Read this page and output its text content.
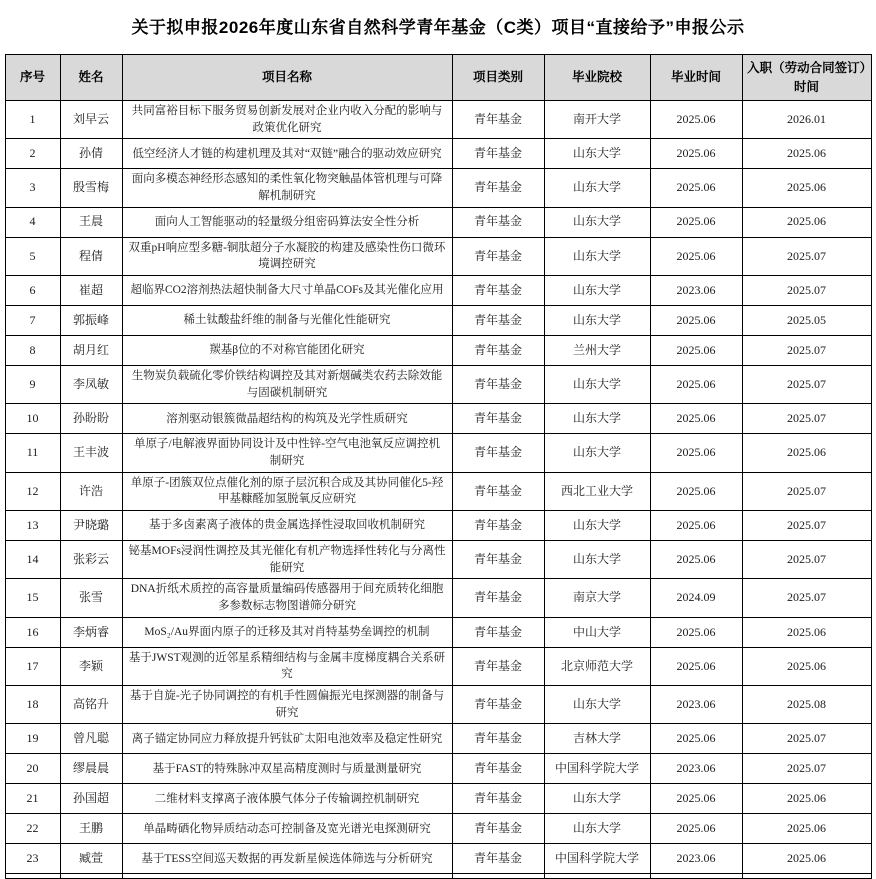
关于拟申报2026年度山东省自然科学青年基金（C类）项目“直接给予”申报公示
序号	姓名	项目名称	项目类别	毕业院校	毕业时间	入职（劳动合同签订）时间
1	刘早云	共同富裕目标下服务贸易创新发展对企业内收入分配的影响与政策优化研究	青年基金	南开大学	2025.06	2026.01
2	孙倩	低空经济人才链的构建机理及其对“双链”融合的驱动效应研究	青年基金	山东大学	2025.06	2025.06
3	殷雪梅	面向多模态神经形态感知的柔性氧化物突触晶体管机理与可降解机制研究	青年基金	山东大学	2025.06	2025.06
4	王晨	面向人工智能驱动的轻量级分组密码算法安全性分析	青年基金	山东大学	2025.06	2025.06
5	程倩	双重pH响应型多糖-铜肽超分子水凝胶的构建及感染性伤口微环境调控研究	青年基金	山东大学	2025.06	2025.07
6	崔超	超临界CO2溶剂热法超快制备大尺寸单晶COFs及其光催化应用	青年基金	山东大学	2023.06	2025.07
7	郭振峰	稀土钛酸盐纤维的制备与光催化性能研究	青年基金	山东大学	2025.06	2025.05
8	胡月红	羰基β位的不对称官能团化研究	青年基金	兰州大学	2025.06	2025.07
9	李凤敏	生物炭负载硫化零价铁结构调控及其对新烟碱类农药去除效能与固碳机制研究	青年基金	山东大学	2025.06	2025.07
10	孙盼盼	溶剂驱动银簇微晶超结构的构筑及光学性质研究	青年基金	山东大学	2025.06	2025.07
11	王丰波	单原子/电解液界面协同设计及中性锌-空气电池氧反应调控机制研究	青年基金	山东大学	2025.06	2025.06
12	许浩	单原子-团簇双位点催化剂的原子层沉积合成及其协同催化5-羟甲基糠醛加氢脱氧反应研究	青年基金	西北工业大学	2025.06	2025.07
13	尹晓璐	基于多卤素离子液体的贵金属选择性浸取回收机制研究	青年基金	山东大学	2025.06	2025.07
14	张彩云	铋基MOFs浸润性调控及其光催化有机产物选择性转化与分离性能研究	青年基金	山东大学	2025.06	2025.07
15	张雪	DNA折纸术质控的高容量质量编码传感器用于间充质转化细胞多参数标志物图谱筛分研究	青年基金	南京大学	2024.09	2025.07
16	李炳睿	MoS₂/Au界面内原子的迁移及其对肖特基势垒调控的机制	青年基金	中山大学	2025.06	2025.06
17	李颖	基于JWST观测的近邻星系精细结构与金属丰度梯度耦合关系研究	青年基金	北京师范大学	2025.06	2025.06
18	高铭升	基于自旋-光子协同调控的有机手性圆偏振光电探测器的制备与研究	青年基金	山东大学	2023.06	2025.08
19	曾凡聪	离子锚定协同应力释放提升钙钛矿太阳电池效率及稳定性研究	青年基金	吉林大学	2025.06	2025.07
20	缪晨晨	基于FAST的特殊脉冲双星高精度测时与质量测量研究	青年基金	中国科学院大学	2023.06	2025.07
21	孙国超	二维材料支撑离子液体膜气体分子传输调控机制研究	青年基金	山东大学	2025.06	2025.06
22	王鹏	单晶畴硒化物异质结动态可控制备及宽光谱光电探测研究	青年基金	山东大学	2025.06	2025.06
23	臧萱	基于TESS空间巡天数据的再发新星候选体筛选与分析研究	青年基金	中国科学院大学	2023.06	2025.06
